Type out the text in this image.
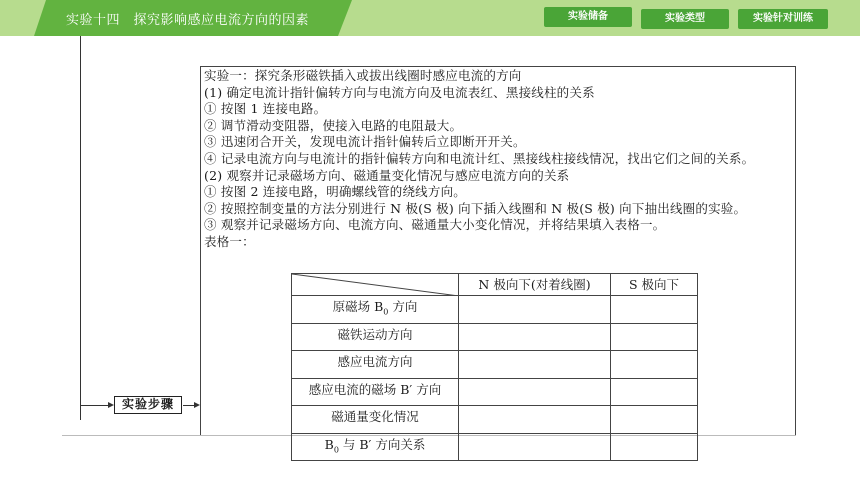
实验十四　探究影响感应电流方向的因素	实验储备	实验类型	实验针对训练
实验步骤
实验一：探究条形磁铁插入或拔出线圈时感应电流的方向
(1) 确定电流计指针偏转方向与电流方向及电流表红、黑接线柱的关系
① 按图 1 连接电路。
② 调节滑动变阻器，使接入电路的电阻最大。
③ 迅速闭合开关，发现电流计指针偏转后立即断开开关。
④ 记录电流方向与电流计的指针偏转方向和电流计红、黑接线柱接线情况，找出它们之间的关系。
(2) 观察并记录磁场方向、磁通量变化情况与感应电流方向的关系
① 按图 2 连接电路，明确螺线管的绕线方向。
② 按照控制变量的方法分别进行 N 极(S 极) 向下插入线圈和 N 极(S 极) 向下抽出线圈的实验。
③ 观察并记录磁场方向、电流方向、磁通量大小变化情况，并将结果填入表格一。
表格一：
	N 极向下(对着线圈)	S 极向下
原磁场 $B_0$ 方向		
磁铁运动方向		
感应电流方向		
感应电流的磁场 B′ 方向		
磁通量变化情况		
$B_0$ 与 B′ 方向关系		
